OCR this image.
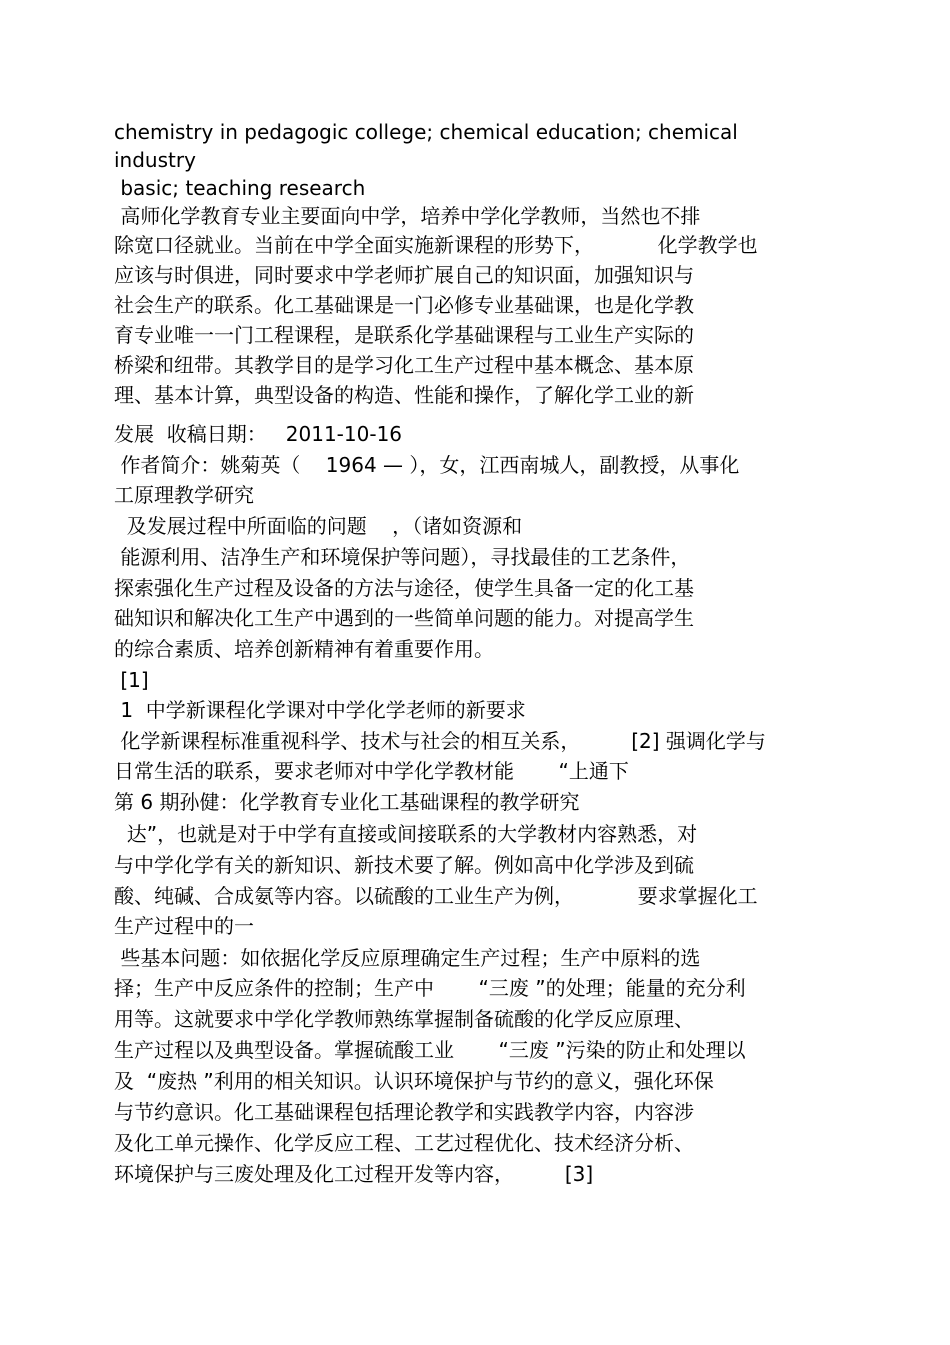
chemistry in pedagogic college; chemical education; chemical
industry
basic; teaching research
高师化学教育专业主要面向中学，培养中学化学教师，当然也不排
除宽口径就业。当前在中学全面实施新课程的形势下，          化学教学也
应该与时俱进，同时要求中学老师扩展自己的知识面，加强知识与
社会生产的联系。化工基础课是一门必修专业基础课，也是化学教
育专业唯一一门工程课程，是联系化学基础课程与工业生产实际的
桥梁和纽带。其教学目的是学习化工生产过程中基本概念、基本原
理、基本计算，典型设备的构造、性能和操作，了解化学工业的新
发展  收稿日期：   2011-10-16
作者简介：姚菊英（    1964 — ），女，江西南城人，副教授，从事化
工原理教学研究
及发展过程中所面临的问题    ，（诸如资源和
能源利用、洁净生产和环境保护等问题），寻找最佳的工艺条件，
探索强化生产过程及设备的方法与途径，使学生具备一定的化工基
础知识和解决化工生产中遇到的一些简单问题的能力。对提高学生
的综合素质、培养创新精神有着重要作用。
[1]
1  中学新课程化学课对中学化学老师的新要求
化学新课程标准重视科学、技术与社会的相互关系，        [2] 强调化学与
日常生活的联系，要求老师对中学化学教材能       “上通下
第 6 期孙健：化学教育专业化工基础课程的教学研究
达”，也就是对于中学有直接或间接联系的大学教材内容熟悉，对
与中学化学有关的新知识、新技术要了解。例如高中化学涉及到硫
酸、纯碱、合成氨等内容。以硫酸的工业生产为例，          要求掌握化工
生产过程中的一
些基本问题：如依据化学反应原理确定生产过程；生产中原料的选
择；生产中反应条件的控制；生产中       “三废 ”的处理；能量的充分利
用等。这就要求中学化学教师熟练掌握制备硫酸的化学反应原理、
生产过程以及典型设备。掌握硫酸工业       “三废 ”污染的防止和处理以
及  “废热 ”利用的相关知识。认识环境保护与节约的意义，强化环保
与节约意识。化工基础课程包括理论教学和实践教学内容，内容涉
及化工单元操作、化学反应工程、工艺过程优化、技术经济分析、
环境保护与三废处理及化工过程开发等内容，        [3]
